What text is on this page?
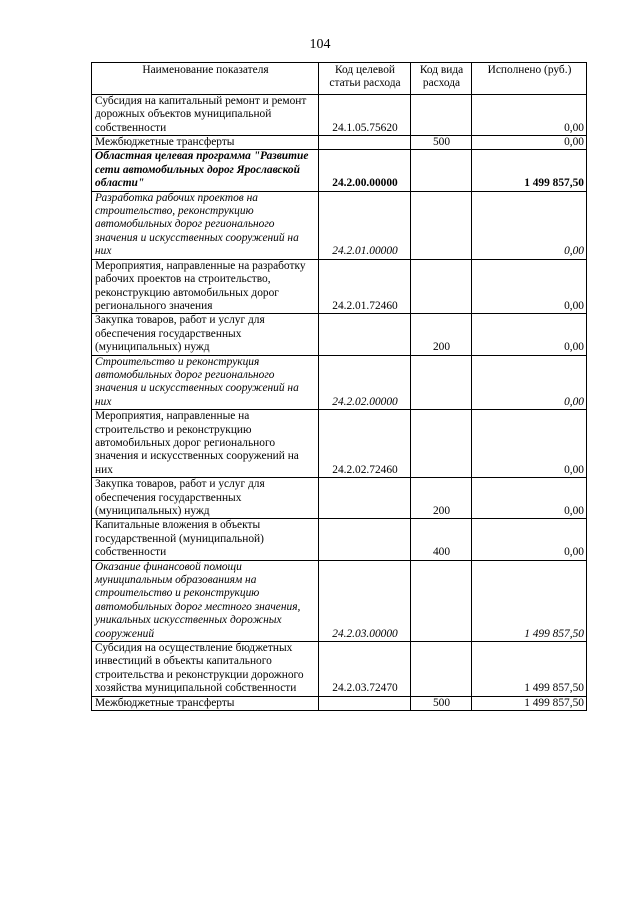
104
Наименование показателя	Код целевой статьи расхода	Код вида расхода	Исполнено (руб.)
Субсидия на капитальный ремонт и ремонт дорожных объектов муниципальной собственности	24.1.05.75620		0,00
Межбюджетные трансферты		500	0,00
Областная целевая программа "Развитие сети автомобильных дорог Ярославской области"	24.2.00.00000		1 499 857,50
Разработка рабочих проектов на строительство, реконструкцию автомобильных дорог регионального значения и искусственных сооружений на них	24.2.01.00000		0,00
Мероприятия, направленные на разработку рабочих проектов на строительство, реконструкцию автомобильных дорог регионального значения	24.2.01.72460		0,00
Закупка товаров, работ и услуг для обеспечения государственных (муниципальных) нужд		200	0,00
Строительство и реконструкция автомобильных дорог регионального значения и искусственных сооружений на них	24.2.02.00000		0,00
Мероприятия, направленные на строительство и реконструкцию автомобильных дорог регионального значения и искусственных сооружений на них	24.2.02.72460		0,00
Закупка товаров, работ и услуг для обеспечения государственных (муниципальных) нужд		200	0,00
Капитальные вложения в объекты государственной (муниципальной) собственности		400	0,00
Оказание финансовой помощи муниципальным образованиям на строительство и реконструкцию автомобильных дорог местного значения, уникальных искусственных дорожных сооружений	24.2.03.00000		1 499 857,50
Субсидия на осуществление бюджетных инвестиций в объекты капитального строительства и реконструкции дорожного хозяйства муниципальной собственности	24.2.03.72470		1 499 857,50
Межбюджетные трансферты		500	1 499 857,50
